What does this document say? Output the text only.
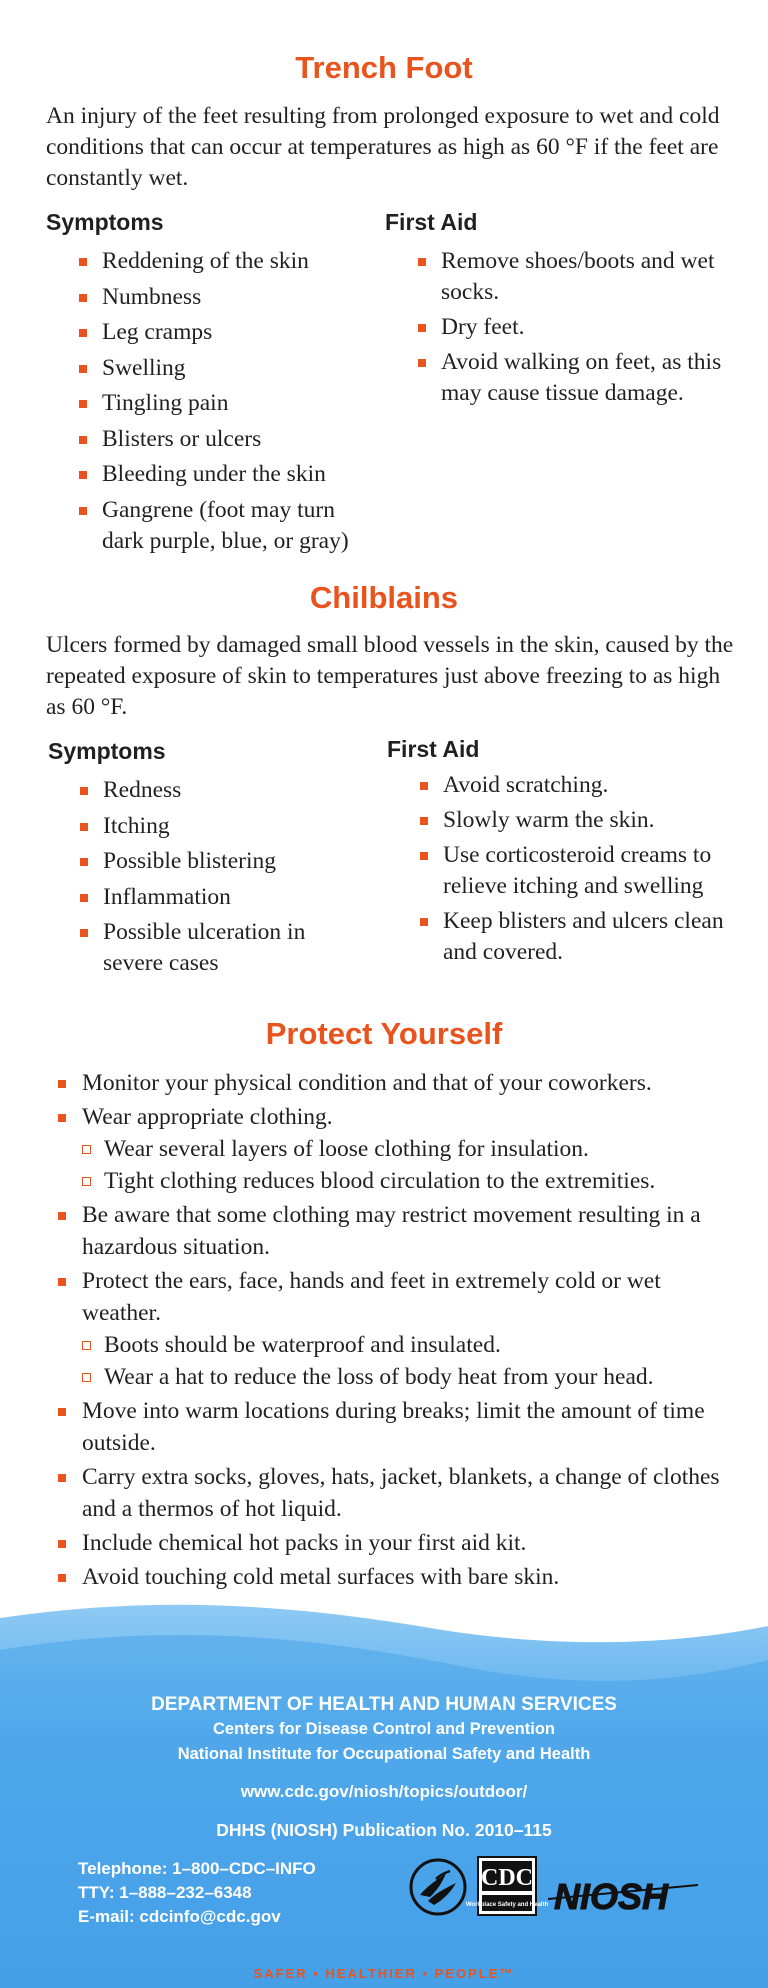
Trench Foot

An injury of the feet resulting from prolonged exposure to wet and cold conditions that can occur at temperatures as high as 60 °F if the feet are constantly wet.

Symptoms
Reddening of the skin
Numbness
Leg cramps
Swelling
Tingling pain
Blisters or ulcers
Bleeding under the skin
Gangrene (foot may turn dark purple, blue, or gray)
First Aid
Remove shoes/boots and wet socks.
Dry feet.
Avoid walking on feet, as this may cause tissue damage.
Chilblains

Ulcers formed by damaged small blood vessels in the skin, caused by the repeated exposure of skin to temperatures just above freezing to as high as 60 °F.

Symptoms
Redness
Itching
Possible blistering
Inflammation
Possible ulceration in severe cases
First Aid
Avoid scratching.
Slowly warm the skin.
Use corticosteroid creams to relieve itching and swelling
Keep blisters and ulcers clean and covered.
Protect Yourself
Monitor your physical condition and that of your coworkers.
Wear appropriate clothing.
Wear several layers of loose clothing for insulation.
Tight clothing reduces blood circulation to the extremities.
Be aware that some clothing may restrict movement resulting in a hazardous situation.
Protect the ears, face, hands and feet in extremely cold or wet weather.
Boots should be waterproof and insulated.
Wear a hat to reduce the loss of body heat from your head.
Move into warm locations during breaks; limit the amount of time outside.
Carry extra socks, gloves, hats, jacket, blankets, a change of clothes and a thermos of hot liquid.
Include chemical hot packs in your first aid kit.
Avoid touching cold metal surfaces with bare skin.
DEPARTMENT OF HEALTH AND HUMAN SERVICES
Centers for Disease Control and Prevention
National Institute for Occupational Safety and Health
www.cdc.gov/niosh/topics/outdoor/
DHHS (NIOSH) Publication No. 2010–115
Telephone: 1–800–CDC–INFO
TTY: 1–888–232–6348
E-mail: cdcinfo@cdc.gov
CDC
Workplace Safety and Health NIOSH
SAFER • HEALTHIER • PEOPLE™
